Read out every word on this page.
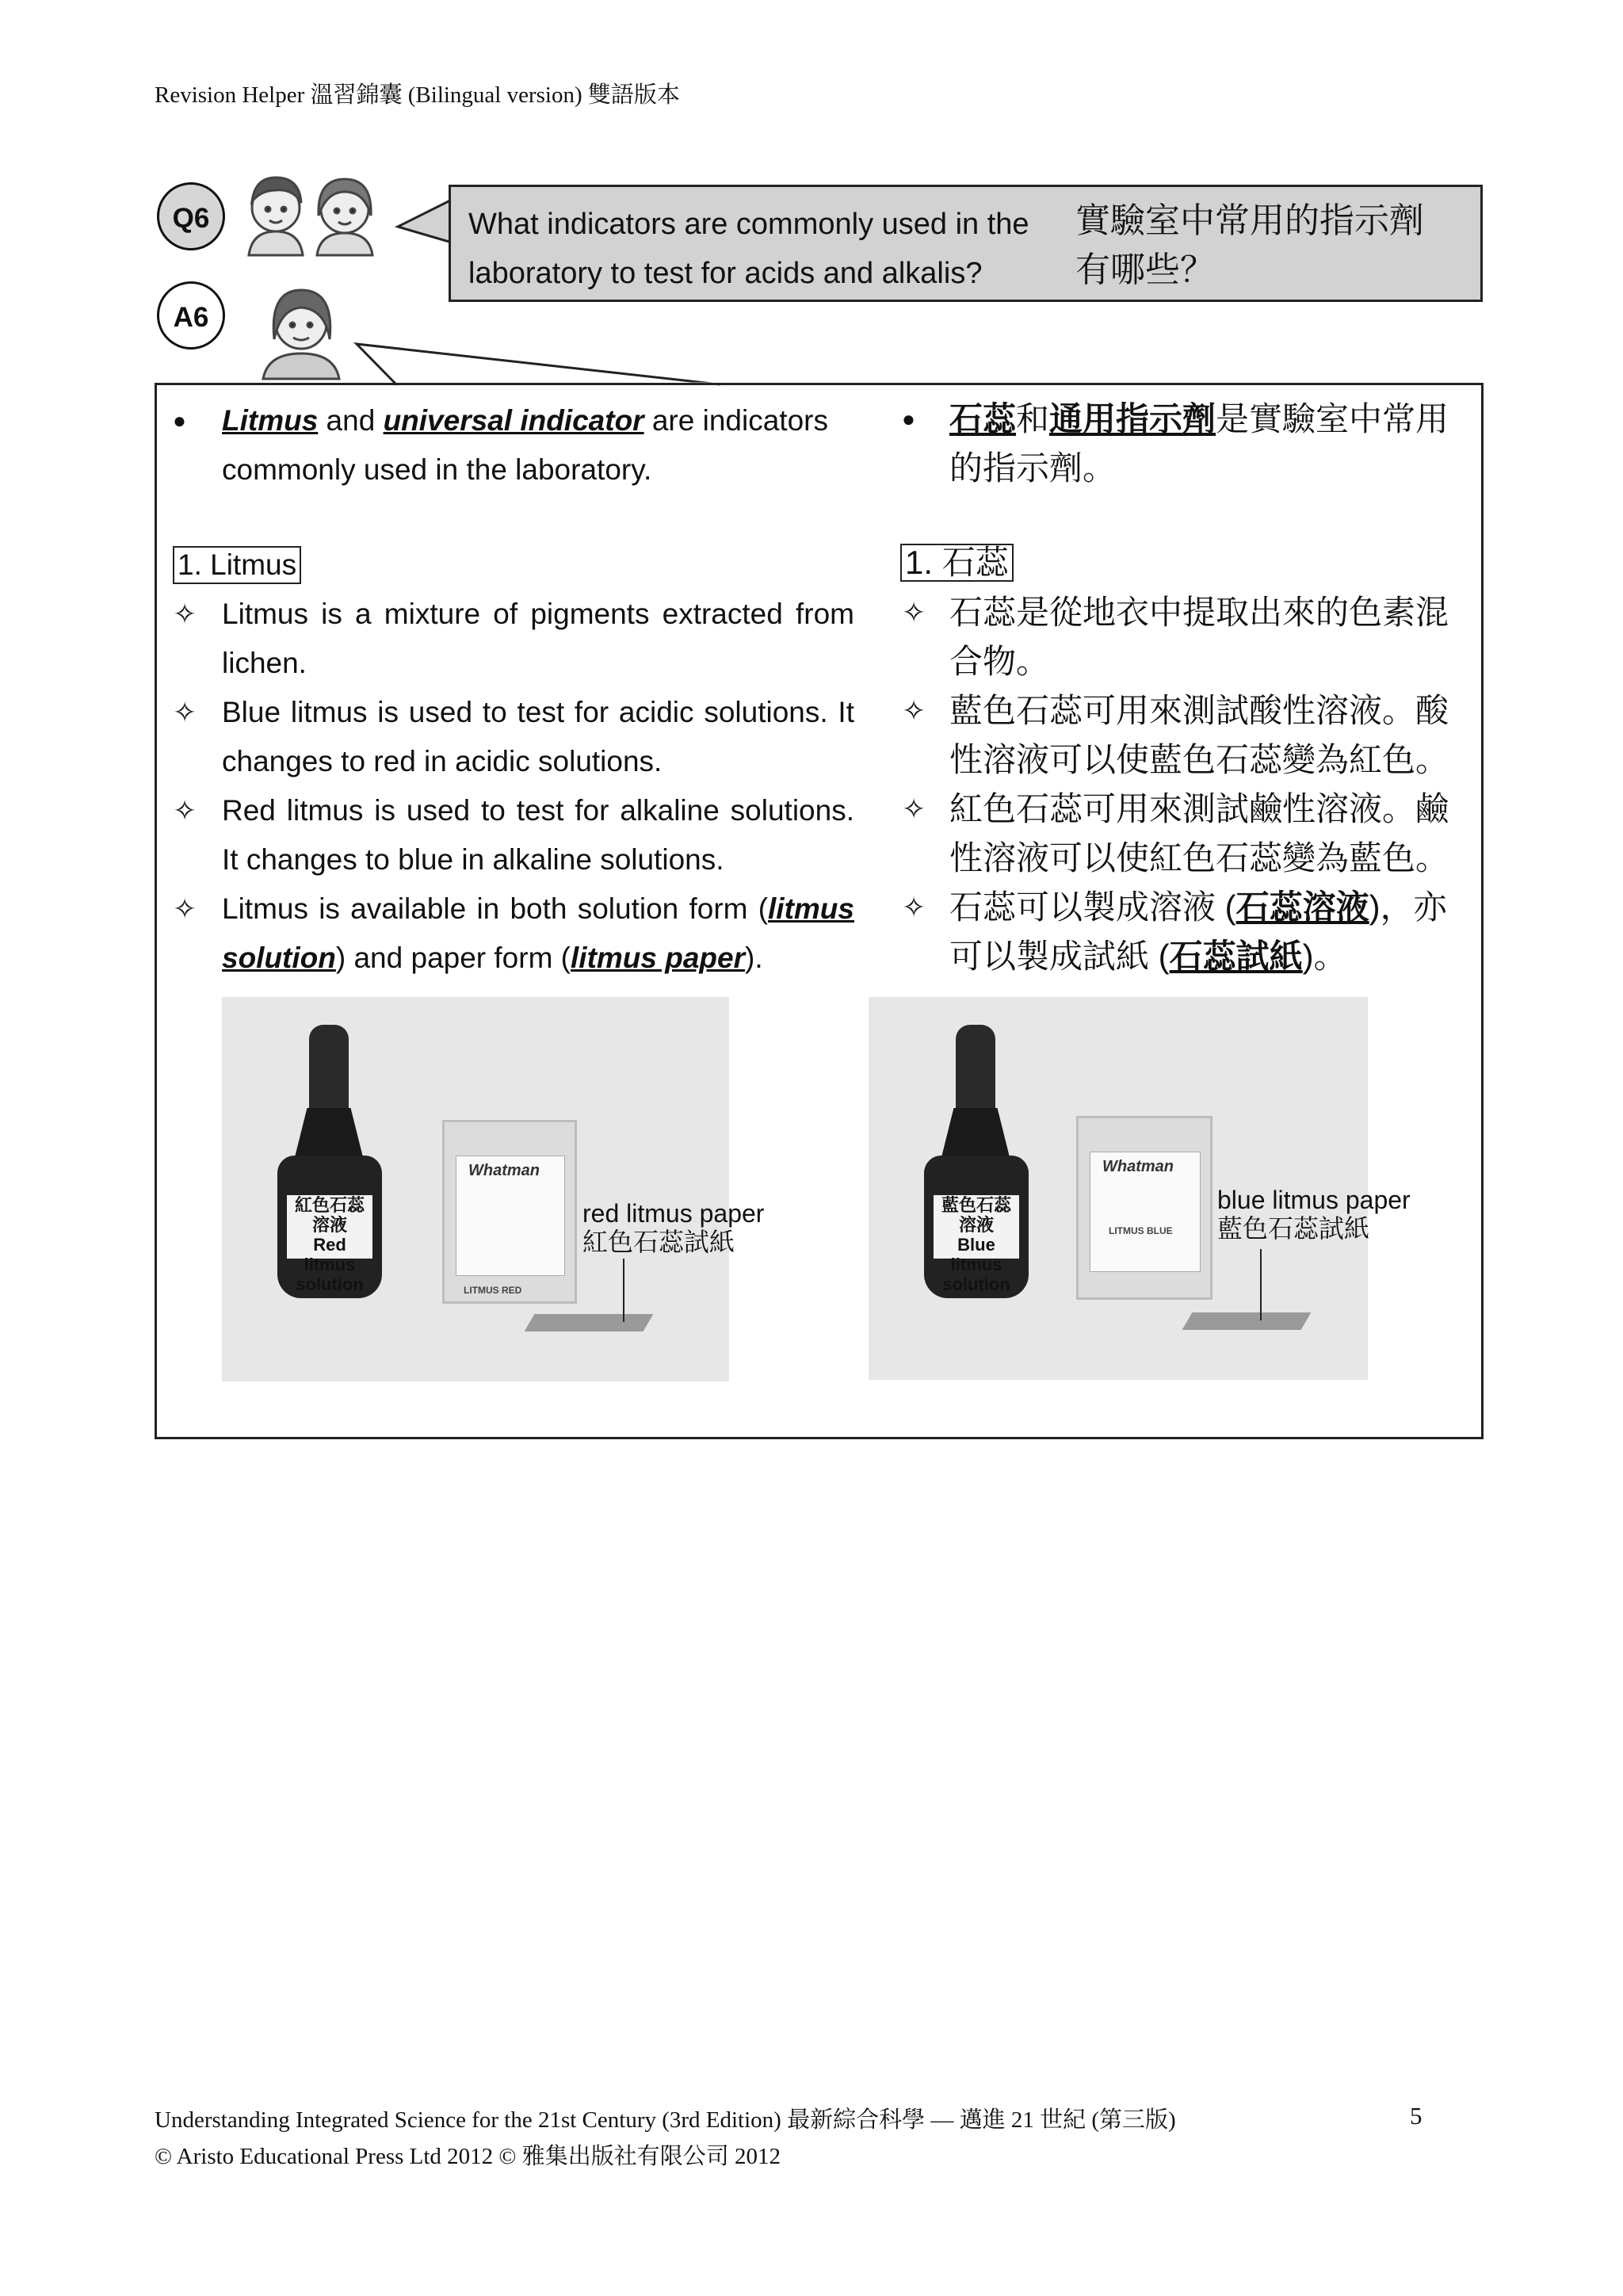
Revision Helper 溫習錦囊 (Bilingual version) 雙語版本
Q6	What indicators are commonly used in the laboratory to test for acids and alkalis?
實驗室中常用的指示劑有哪些？
A6
●	Litmus and universal indicator are indicators commonly used in the laboratory.
1. Litmus
✧ Litmus is a mixture of pigments extracted from lichen.
✧ Blue litmus is used to test for acidic solutions. It changes to red in acidic solutions.
✧ Red litmus is used to test for alkaline solutions. It changes to blue in alkaline solutions.
✧ Litmus is available in both solution form (litmus solution) and paper form (litmus paper).
●	石蕊和通用指示劑是實驗室中常用的指示劑。
1. 石蕊
✧ 石蕊是從地衣中提取出來的色素混合物。
✧ 藍色石蕊可用來測試酸性溶液。酸性溶液可以使藍色石蕊變為紅色。
✧ 紅色石蕊可用來測試鹼性溶液。鹼性溶液可以使紅色石蕊變為藍色。
✧ 石蕊可以製成溶液 (石蕊溶液)，亦可以製成試紙 (石蕊試紙)。
紅色石蕊溶液
Red litmus solution
Whatman
LITMUS RED
red litmus paper
紅色石蕊試紙
藍色石蕊溶液
Blue litmus solution
Whatman
LITMUS BLUE
blue litmus paper
藍色石蕊試紙
Understanding Integrated Science for the 21st Century (3rd Edition) 最新綜合科學 — 邁進 21 世紀 (第三版)
© Aristo Educational Press Ltd 2012 © 雅集出版社有限公司 2012
5
